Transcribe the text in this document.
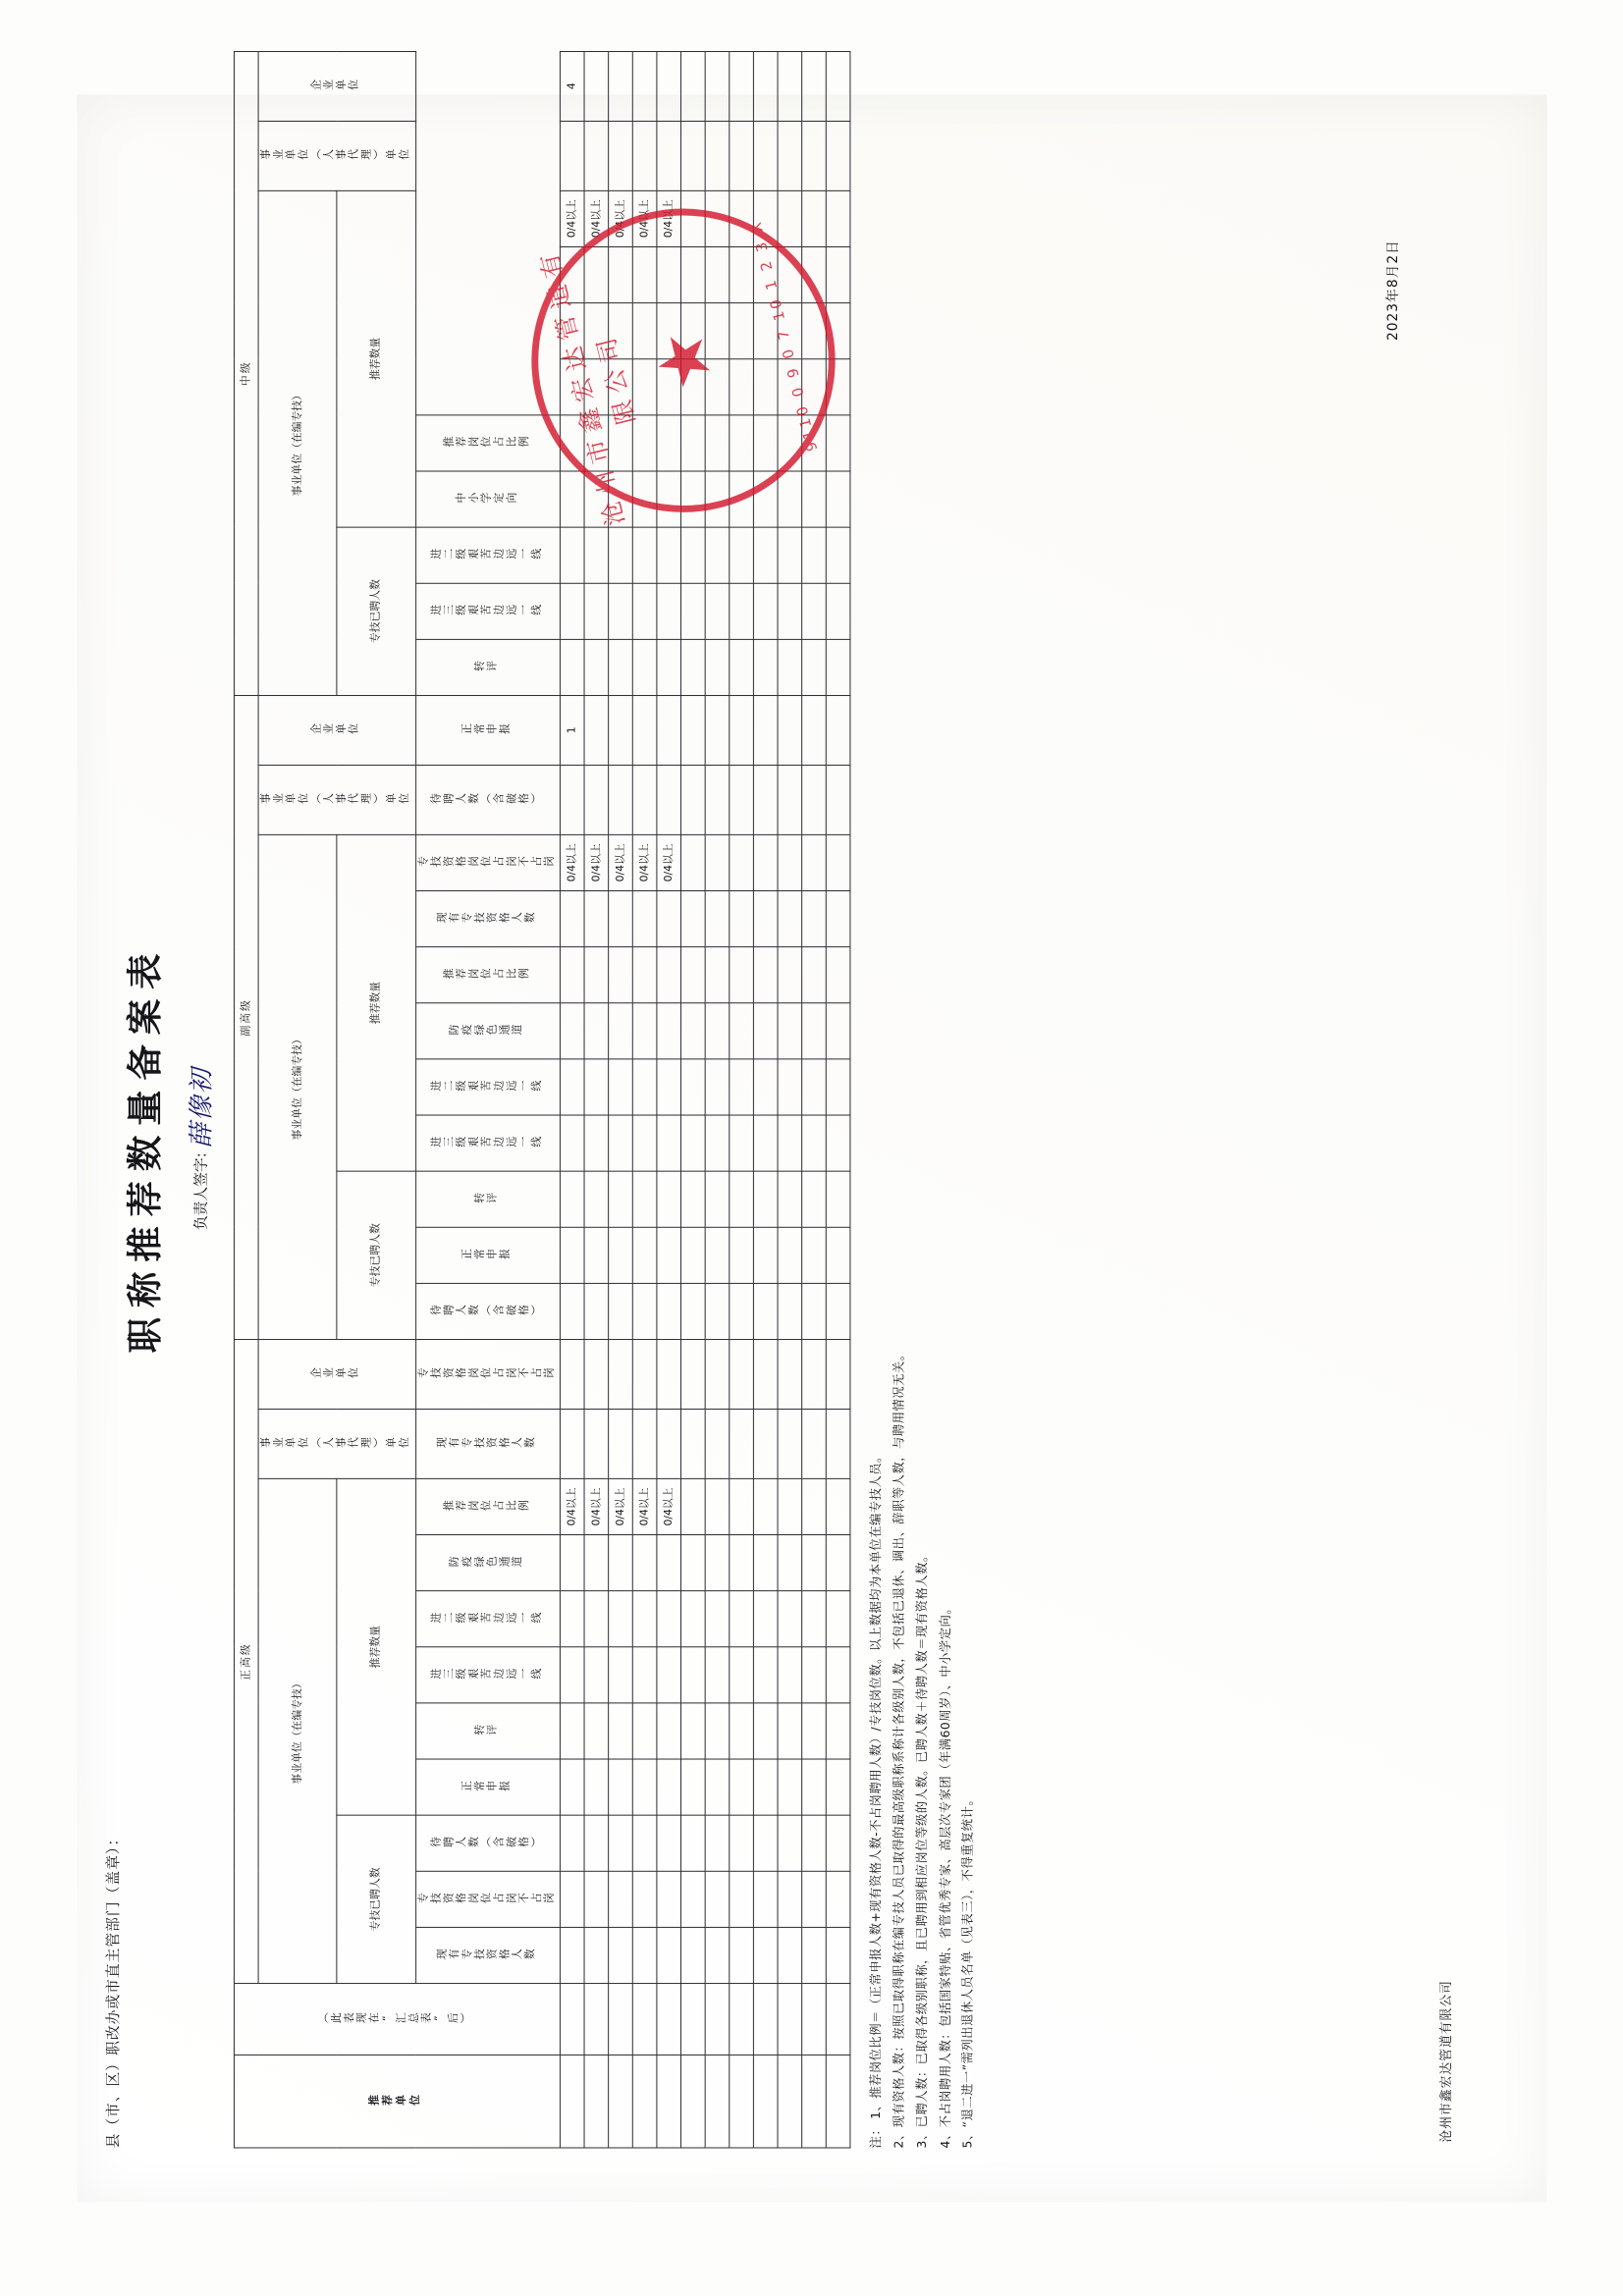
县（市、区）职改办或市直主管部门（盖章）：
职称推荐数量备案表	负责人签字: 薛像初
推荐单位	（此表现在“汇总表”后）	正高级											副高级											中级										
		事业单位（在编专技）									事业单位（人事代理）单位	企业单位	事业单位（在编专技）									事业单位（人事代理）单位	企业单位	事业单位（在编专技）									事业单位（人事代理）单位	企业单位
		专技已聘人数			推荐数量								专技已聘人数			推荐数量								专技已聘人数			推荐数量							
		现有专技资格人数	专技资格岗位占岗不占岗	待聘人数（含破格）	正常申报	转评	进三级艰苦边远一线	进二级艰苦边远一线	防疫绿色通道	推荐岗位占比例	现有专技资格人数	专技资格岗位占岗不占岗	待聘人数（含破格）	正常申报	转评	进三级艰苦边远一线	进二级艰苦边远一线	防疫绿色通道	推荐岗位占比例	现有专技资格人数	专技资格岗位占岗不占岗	待聘人数（含破格）	正常申报	转评	进三级艰苦边远一线	进二级艰苦边远一线	中小学定向	推荐岗位占比例						
										0/4以上											0/4以上		1									0/4以上		4
										0/4以上											0/4以上											0/4以上		
										0/4以上											0/4以上											0/4以上		
										0/4以上											0/4以上											0/4以上		
										0/4以上											0/4以上											0/4以上		

沧州市鑫宏达管道有限公司
注：
1、推荐岗位比例＝（正常申报人数+现有资格人数-不占岗聘用人数）/专技岗位数。以上数据均为本单位在编专技人员。 2、现有资格人数：按照已取得职称在编专技人员已取得的最高级职称系称计各级别人数，不包括已退休、调出、辞职等人数，与聘用情况无关。 3、已聘人数：已取得各级别职称，且已聘用到相应岗位等级的人数。已聘人数＋待聘人数＝现有资格人数。 4、不占岗聘用人数：包括国家特贴、省管优秀专家、高层次专家团（年满60周岁）、中小学定向。 5、“退二进一”需列出退休人员名单（见表三），不得重复统计。
2023年8月2日
沧州市鑫宏达管道有限公司
★	9110 0 9 0 7 10 1 2 3 X
